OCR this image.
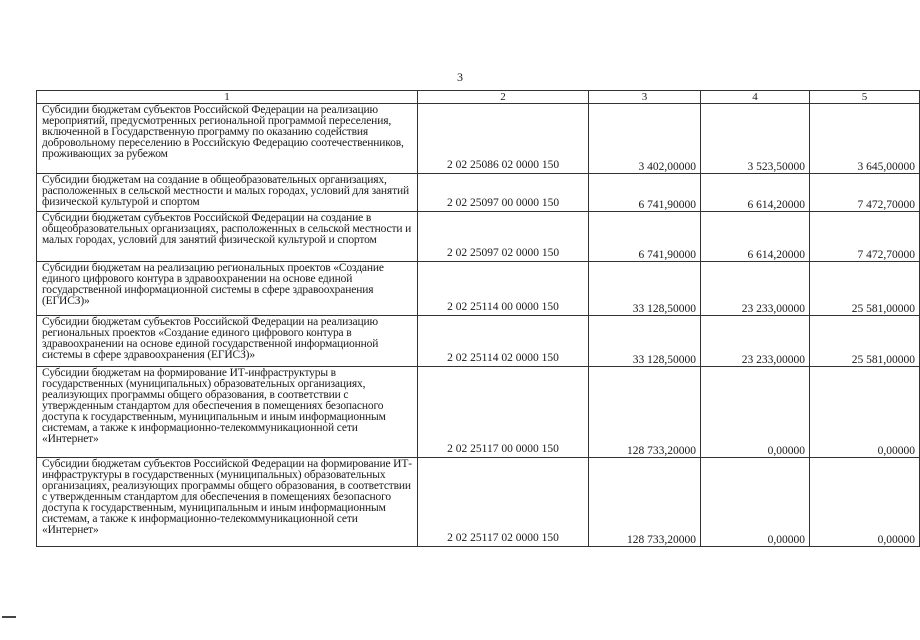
3
1	2	3	4	5
Субсидии бюджетам субъектов Российской Федерации на реализацию мероприятий, предусмотренных региональной программой переселения, включенной в Государственную программу по оказанию содействия добровольному переселению в Российскую Федерацию соотечественников, проживающих за рубежом	2 02 25086 02 0000 150	3 402,00000	3 523,50000	3 645,00000
Субсидии бюджетам на создание в общеобразовательных организациях, расположенных в сельской местности и малых городах, условий для занятий физической культурой и спортом	2 02 25097 00 0000 150	6 741,90000	6 614,20000	7 472,70000
Субсидии бюджетам субъектов Российской Федерации на создание в общеобразовательных организациях, расположенных в сельской местности и малых городах, условий для занятий физической культурой и спортом	2 02 25097 02 0000 150	6 741,90000	6 614,20000	7 472,70000
Субсидии бюджетам на реализацию региональных проектов «Создание единого цифрового контура в здравоохранении на основе единой государственной информационной системы в сфере здравоохранения (ЕГИСЗ)»	2 02 25114 00 0000 150	33 128,50000	23 233,00000	25 581,00000
Субсидии бюджетам субъектов Российской Федерации на реализацию региональных проектов «Создание единого цифрового контура в здравоохранении на основе единой государственной информационной системы в сфере здравоохранения (ЕГИСЗ)»	2 02 25114 02 0000 150	33 128,50000	23 233,00000	25 581,00000
Субсидии бюджетам на формирование ИТ-инфраструктуры в государственных (муниципальных) образовательных организациях, реализующих программы общего образования, в соответствии с утвержденным стандартом для обеспечения в помещениях безопасного доступа к государственным, муниципальным и иным информационным системам, а также к информационно-телекоммуникационной сети «Интернет»	2 02 25117 00 0000 150	128 733,20000	0,00000	0,00000
Субсидии бюджетам субъектов Российской Федерации на формирование ИТ-инфраструктуры в государственных (муниципальных) образовательных организациях, реализующих программы общего образования, в соответствии с утвержденным стандартом для обеспечения в помещениях безопасного доступа к государственным, муниципальным и иным информационным системам, а также к информационно-телекоммуникационной сети «Интернет»	2 02 25117 02 0000 150	128 733,20000	0,00000	0,00000
